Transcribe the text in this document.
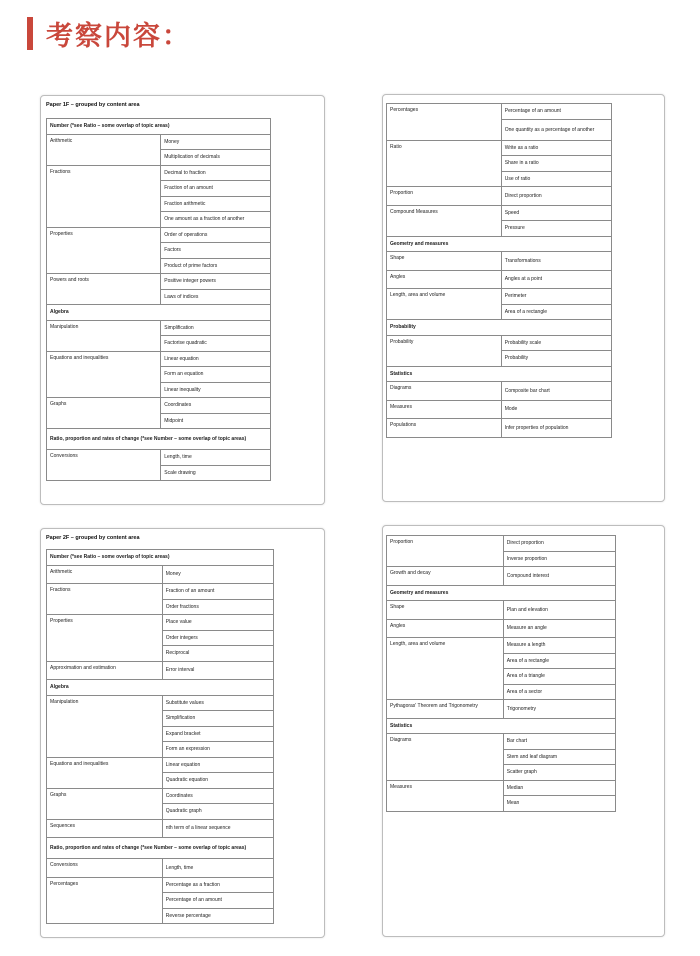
考察内容：
Paper 1F – grouped by content area
Number (*see Ratio – some overlap of topic areas)	
Arithmetic	Money
	Multiplication of decimals
Fractions	Decimal to fraction
	Fraction of an amount
	Fraction arithmetic
	One amount as a fraction of another
Properties	Order of operations
	Factors
	Product of prime factors
Powers and roots	Positive integer powers
	Laws of indices
Algebra	
Manipulation	Simplification
	Factorise quadratic
Equations and inequalities	Linear equation
	Form an equation
	Linear inequality
Graphs	Coordinates
	Midpoint
Ratio, proportion and rates of change (*see Number – some overlap of topic areas)	
Conversions	Length, time
	Scale drawing
Percentages	Percentage of an amount
	One quantity as a percentage of another
Ratio	Write as a ratio
	Share in a ratio
	Use of ratio
Proportion	Direct proportion
Compound Measures	Speed
	Pressure
Geometry and measures	
Shape	Transformations
Angles	Angles at a point
Length, area and volume	Perimeter
	Area of a rectangle
Probability	
Probability	Probability scale
	Probability
Statistics	
Diagrams	Composite bar chart
Measures	Mode
Populations	Infer properties of population
Paper 2F – grouped by content area
Number (*see Ratio – some overlap of topic areas)	
Arithmetic	Money
Fractions	Fraction of an amount
	Order fractions
Properties	Place value
	Order integers
	Reciprocal
Approximation and estimation	Error interval
Algebra	
Manipulation	Substitute values
	Simplification
	Expand bracket
	Form an expression
Equations and inequalities	Linear equation
	Quadratic equation
Graphs	Coordinates
	Quadratic graph
Sequences	nth term of a linear sequence
Ratio, proportion and rates of change (*see Number – some overlap of topic areas)	
Conversions	Length, time
Percentages	Percentage as a fraction
	Percentage of an amount
	Reverse percentage
Proportion	Direct proportion
	Inverse proportion
Growth and decay	Compound interest
Geometry and measures	
Shape	Plan and elevation
Angles	Measure an angle
Length, area and volume	Measure a length
	Area of a rectangle
	Area of a triangle
	Area of a sector
Pythagoras' Theorem and Trigonometry	Trigonometry
Statistics	
Diagrams	Bar chart
	Stem and leaf diagram
	Scatter graph
Measures	Median
	Mean
